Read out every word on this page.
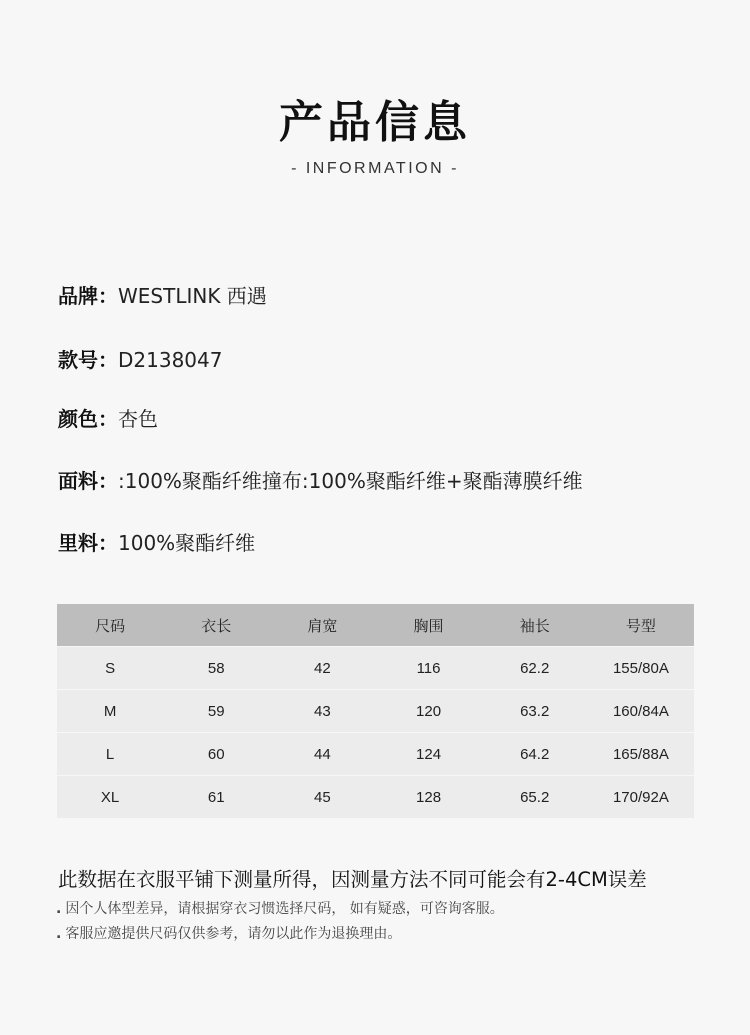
产品信息
- INFORMATION -
品牌：WESTLINK 西遇
款号：D2138047
颜色：杏色
面料：:100%聚酯纤维撞布:100%聚酯纤维+聚酯薄膜纤维
里料：100%聚酯纤维
尺码	衣长	肩宽	胸围	袖长	号型
S	58	42	116	62.2	155/80A
M	59	43	120	63.2	160/84A
L	60	44	124	64.2	165/88A
XL	61	45	128	65.2	170/92A
此数据在衣服平铺下测量所得，因测量方法不同可能会有2-4CM误差
. 因个人体型差异，请根据穿衣习惯选择尺码， 如有疑惑，可咨询客服。
. 客服应邀提供尺码仅供参考，请勿以此作为退换理由。
